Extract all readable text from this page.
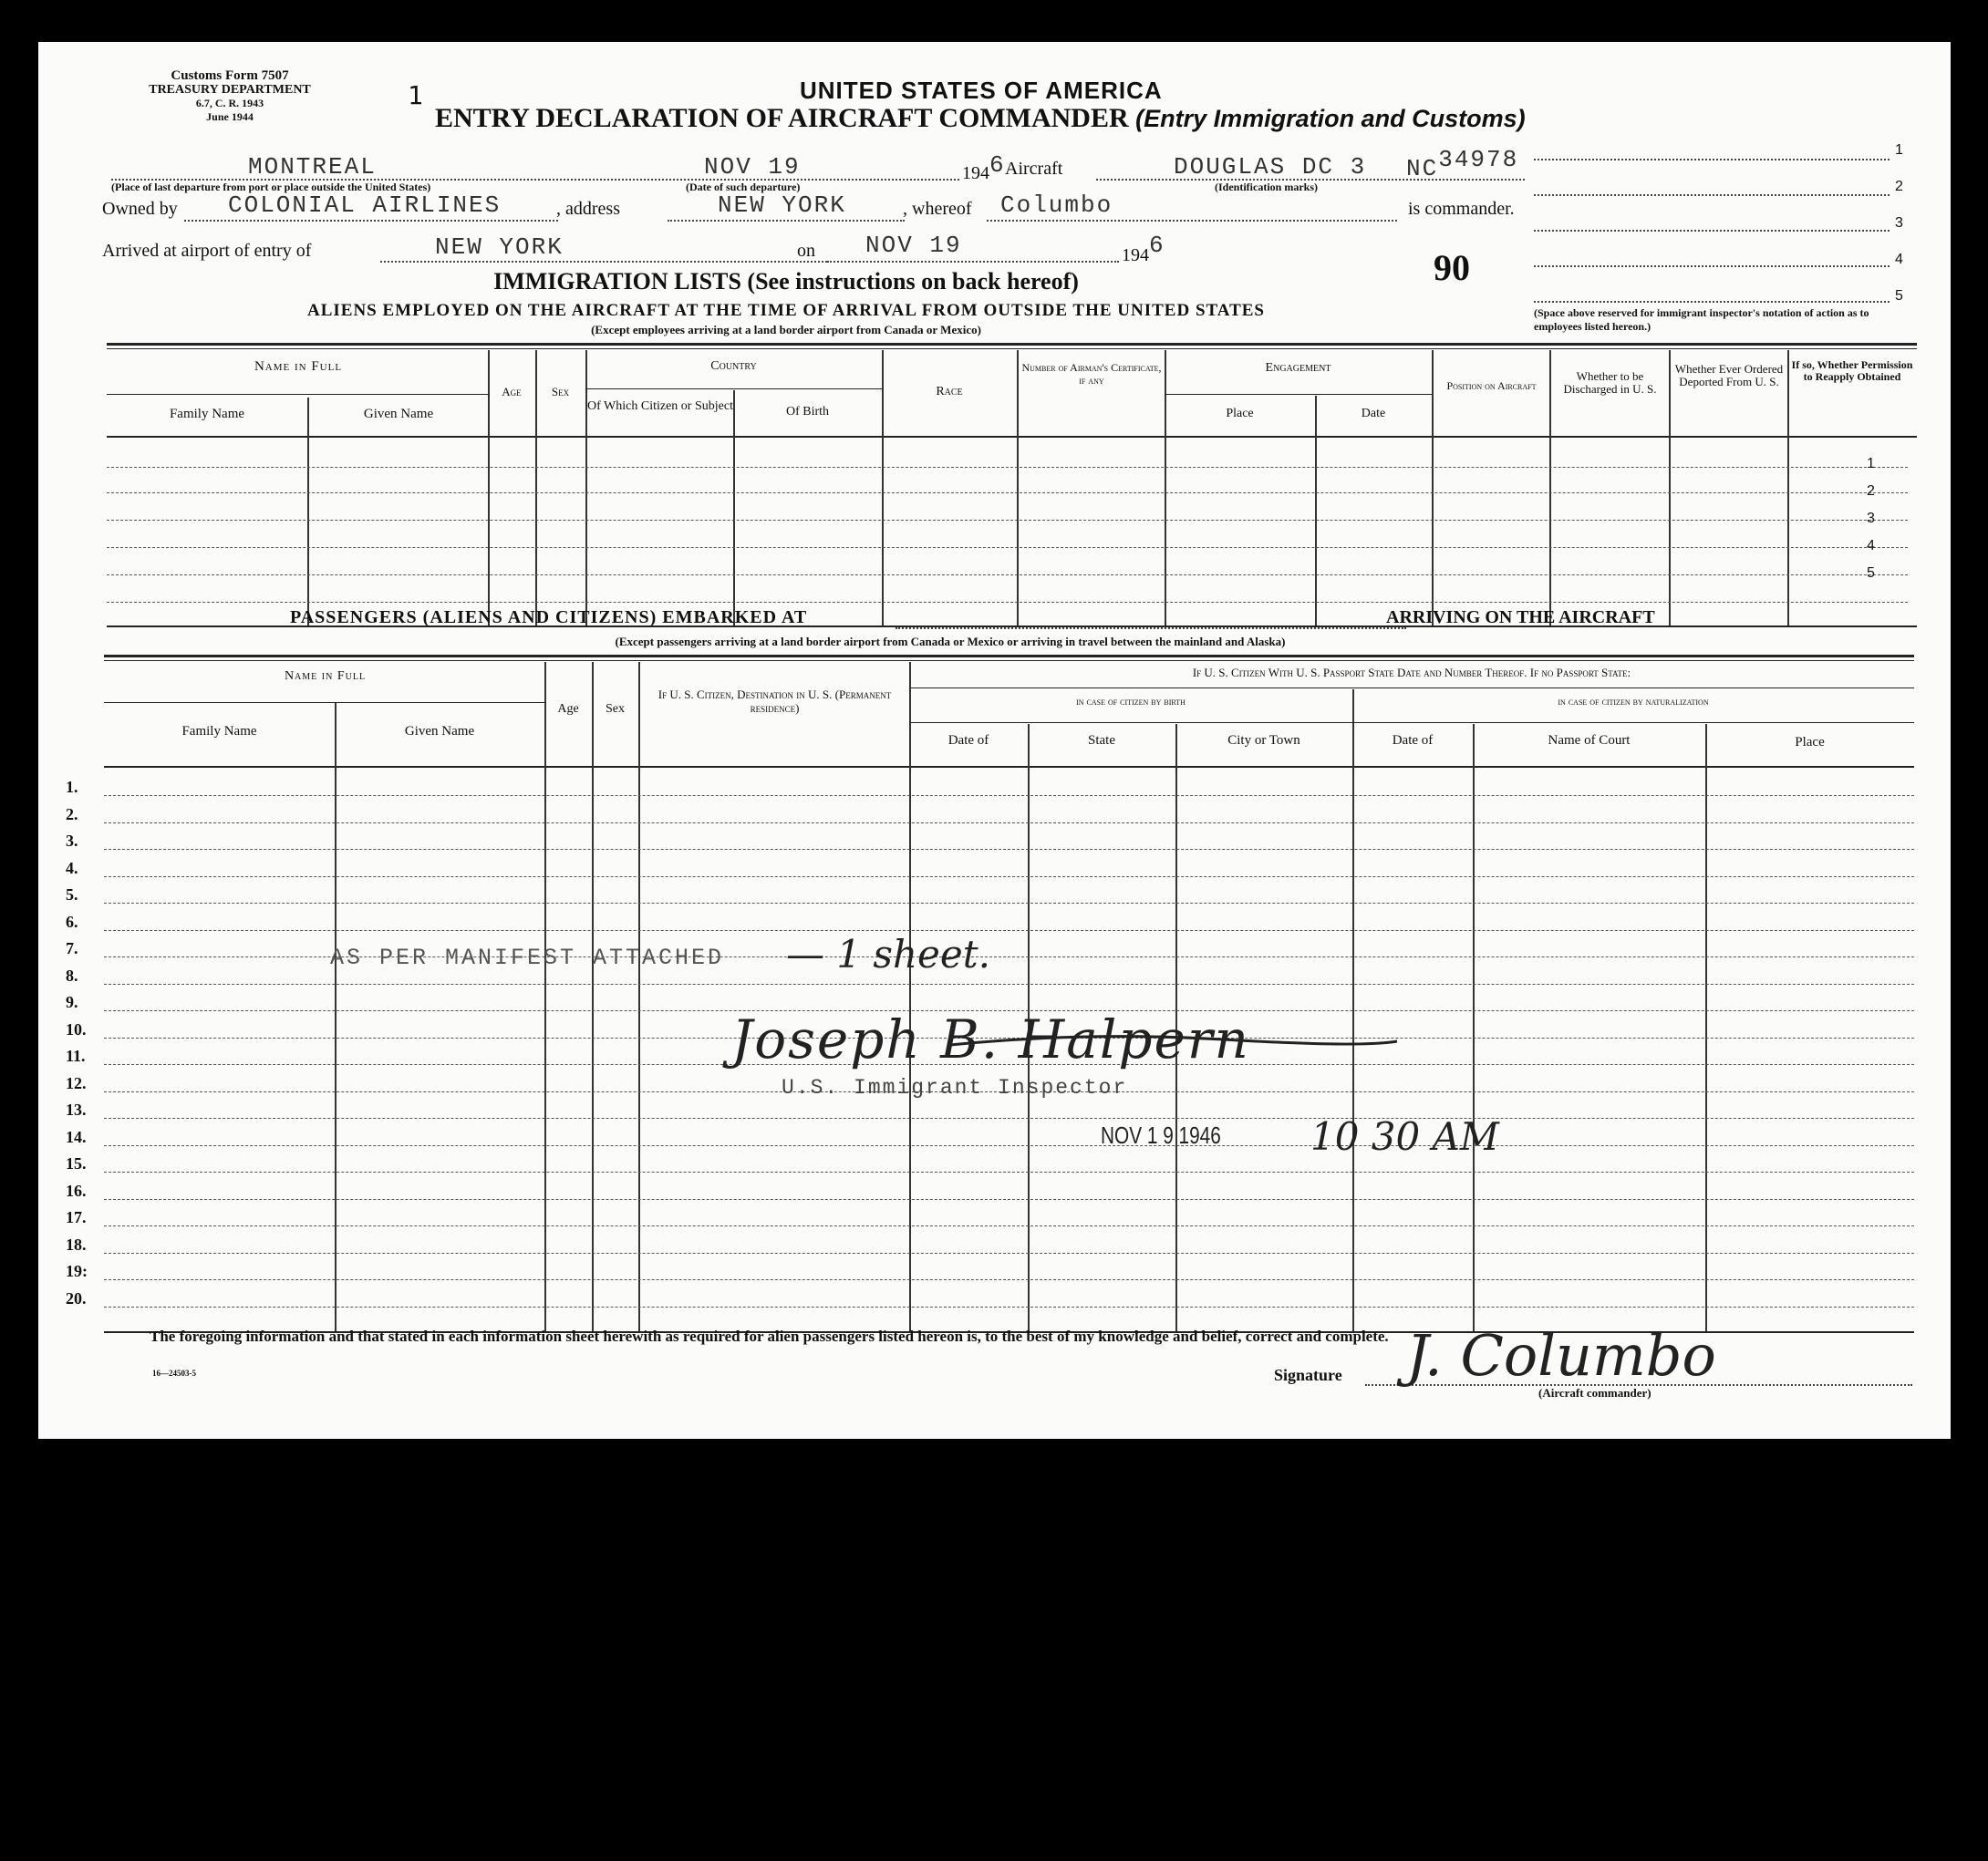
Customs Form 7507
TREASURY DEPARTMENT
6.7, C. R. 1943
June 1944
1	UNITED STATES OF AMERICA
ENTRY DECLARATION OF AIRCRAFT COMMANDER (Entry Immigration and Customs)
MONTREAL
(Place of last departure from port or place outside the United States)
NOV 19
(Date of such departure)
1946 Aircraft	DOUGLAS DC 3 NC34978
(Identification marks)
Owned by COLONIAL AIRLINES	, address	NEW YORK	, whereof Columbo	is commander.
Arrived at airport of entry of	NEW YORK	on NOV 19	1946
90
1
2
3
4
5
(Space above reserved for immigrant inspector's notation of action as to employees listed hereon.)
IMMIGRATION LISTS (See instructions on back hereof)
ALIENS EMPLOYED ON THE AIRCRAFT AT THE TIME OF ARRIVAL FROM OUTSIDE THE UNITED STATES
(Except employees arriving at a land border airport from Canada or Mexico)
Name in Full
Family Name	Given Name
Age	Sex
Country
Of Which Citizen or Subject	Of Birth
Race
Number of Airman's Certificate, if any
Engagement
Place	Date
Position on Aircraft
Whether to be Discharged in U. S.
Whether Ever Ordered Deported From U. S.
If so, Whether Permission to Reapply Obtained
1
2
3
4
5
PASSENGERS (ALIENS AND CITIZENS) EMBARKED AT	ARRIVING ON THE AIRCRAFT
(Except passengers arriving at a land border airport from Canada or Mexico or arriving in travel between the mainland and Alaska)
Name in Full
Family Name	Given Name
Age	Sex
If U. S. Citizen, Destination in U. S. (Permanent residence)
If U. S. Citizen With U. S. Passport State Date and Number Thereof. If no Passport State:
in case of citizen by birth	in case of citizen by naturalization
Date of	State	City or Town	Date of	Name of Court	Place
1.
2.
3.
4.
5.
6.
7.
8.
9.
10.
11.
12.
13.
14.
15.
16.
17.
18.
19:
20.
AS PER MANIFEST ATTACHED — 1 sheet.
Joseph B. Halpern
U.S. Immigrant Inspector
NOV 1 9 1946 10 30 AM
The foregoing information and that stated in each information sheet herewith as required for alien passengers listed hereon is, to the best of my knowledge and belief, correct and complete.
16—24503-5	Signature J. Columbo
(Aircraft commander)
